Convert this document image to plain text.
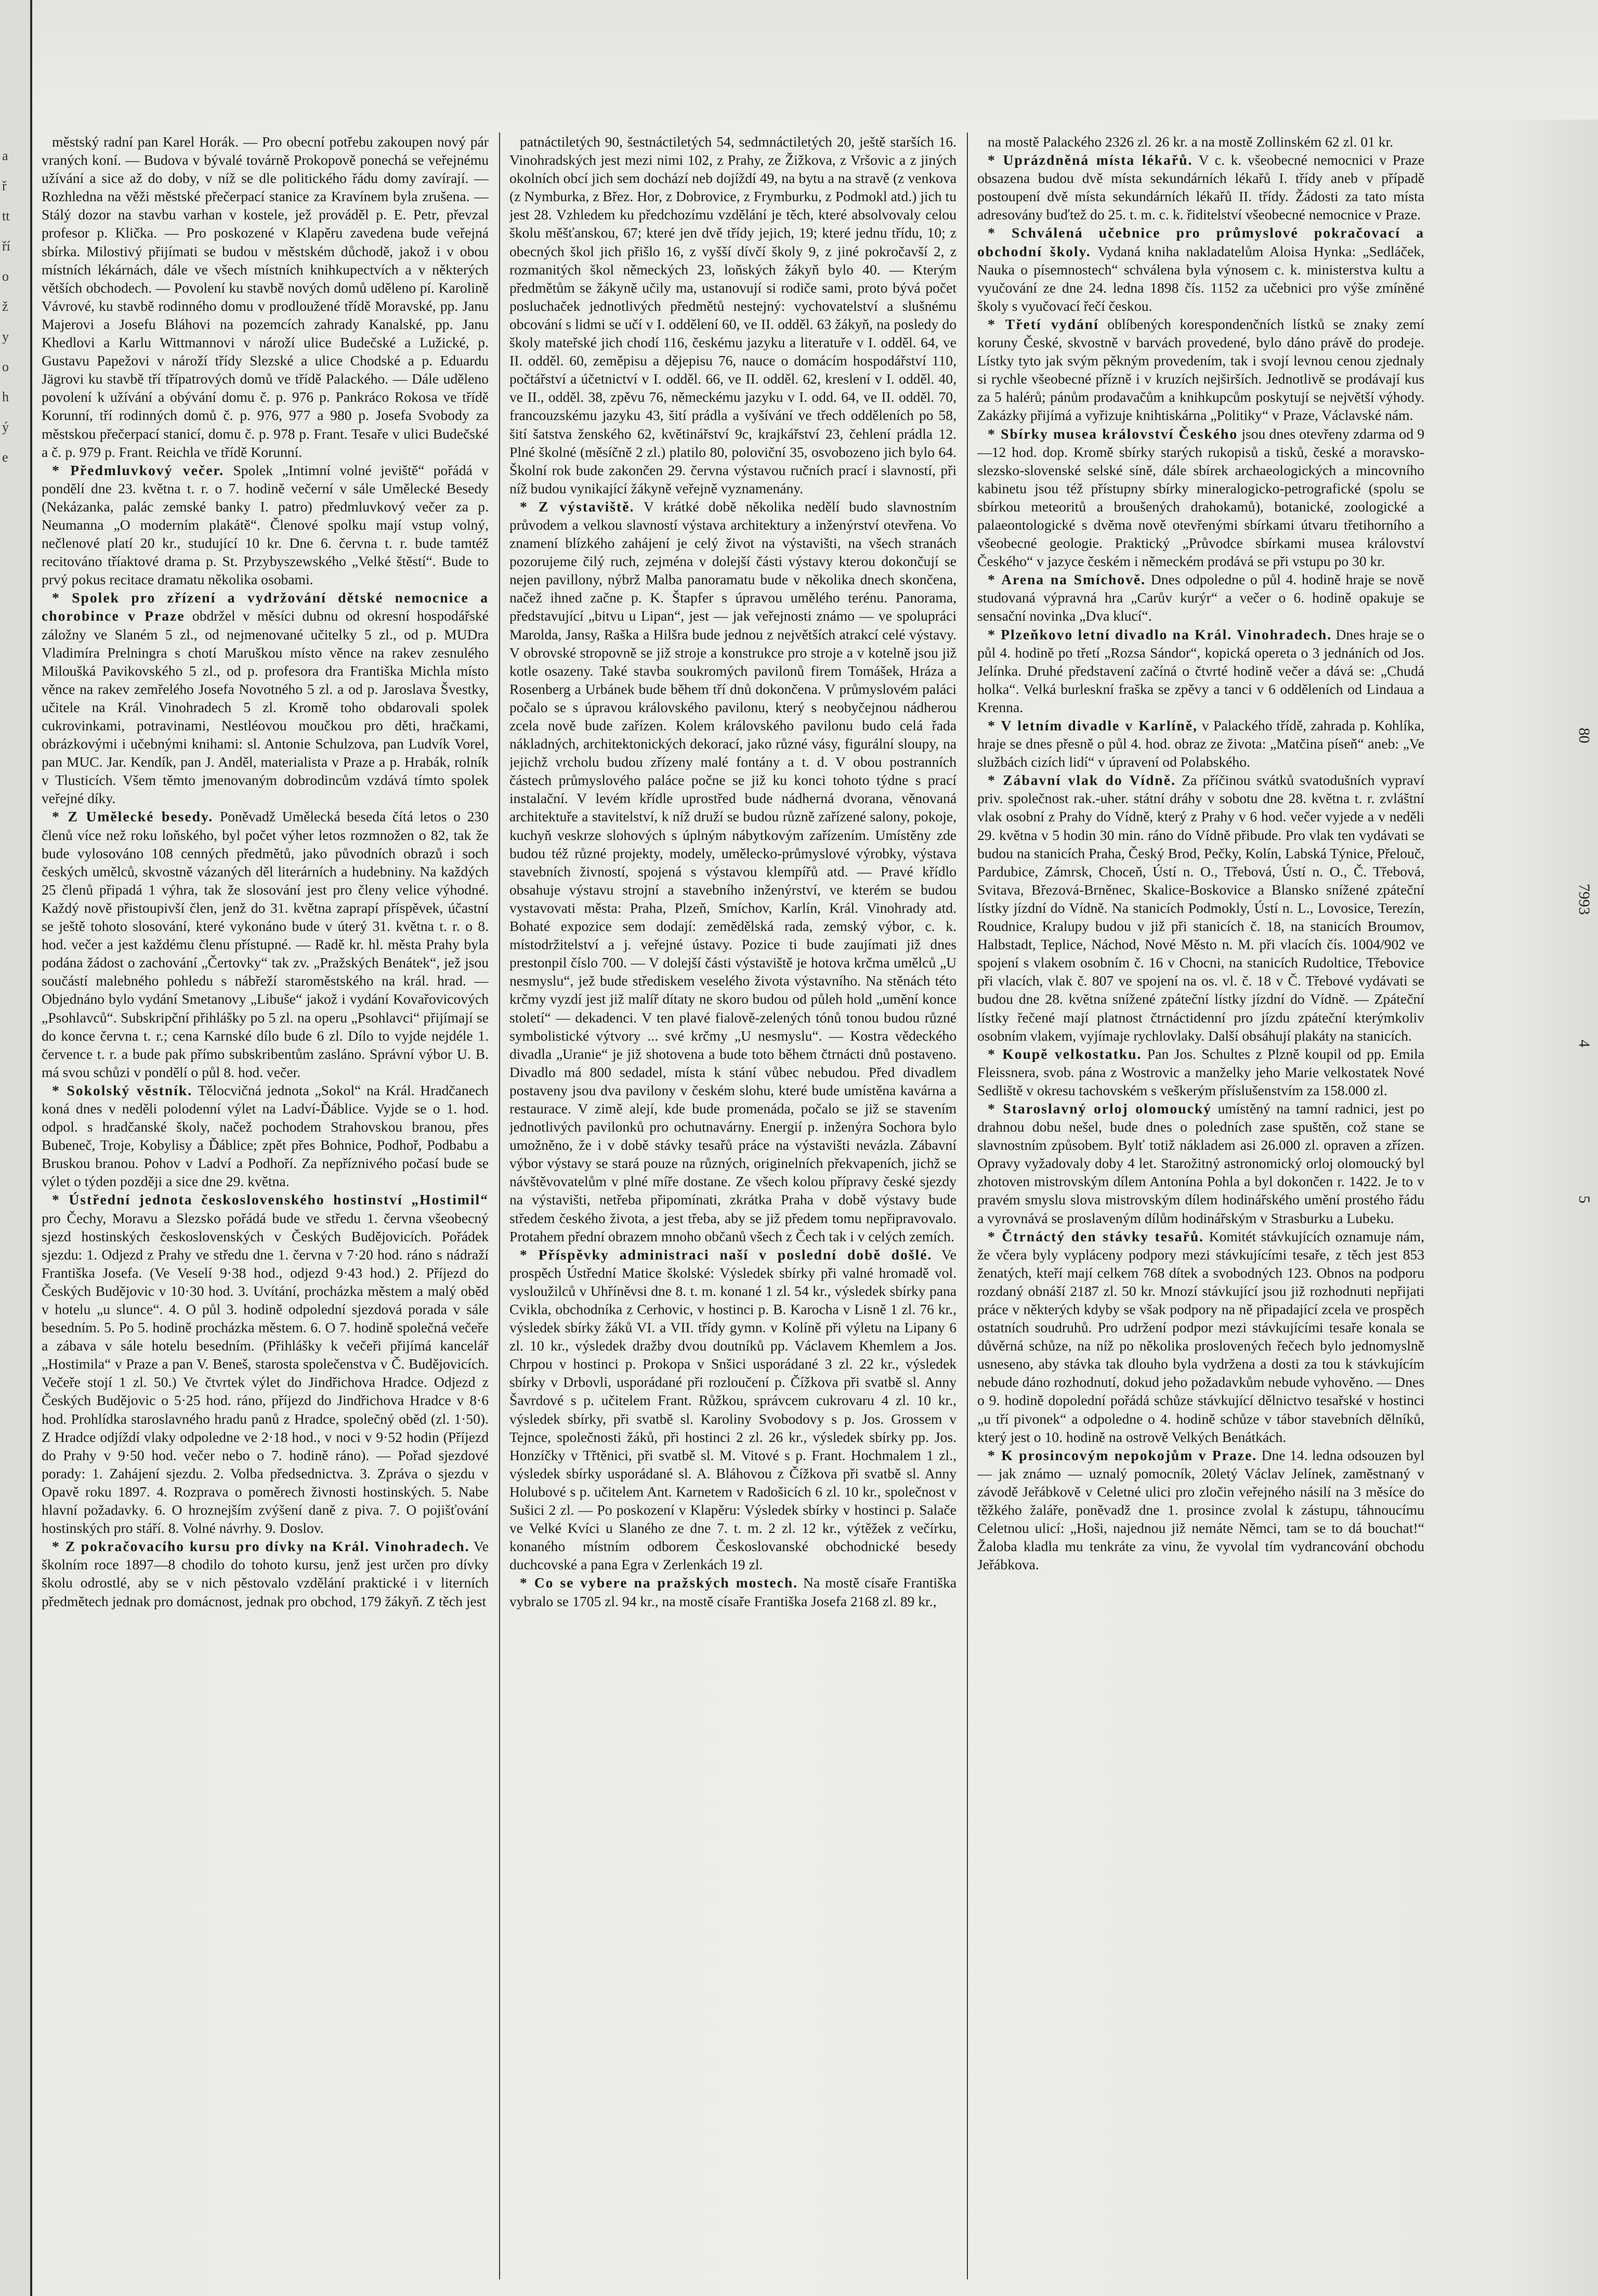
a
ř
tt
ří
o
ž
y
o
h
ý
e

městský radní pan Karel Horák. — Pro obecní potřebu zakoupen nový pár vraných koní. — Budova v bývalé továrně Prokopově ponechá se veřejnému užívání a sice až do doby, v níž se dle politického řádu domy zavírají. — Rozhledna na věži městské přečerpací stanice za Kravínem byla zrušena. — Stálý dozor na stavbu varhan v kostele, jež prováděl p. E. Petr, převzal profesor p. Klička. — Pro poskozené v Klapěru zavedena bude veřejná sbírka. Milostivý přijímati se budou v městském důchodě, jakož i v obou místních lékárnách, dále ve všech místních knihkupectvích a v některých větších obchodech. — Povolení ku stavbě nových domů uděleno pí. Karolině Vávrové, ku stavbě rodinného domu v prodloužené třídě Moravské, pp. Janu Majerovi a Josefu Bláhovi na pozemcích zahrady Kanalské, pp. Janu Khedlovi a Karlu Wittmannovi v nároží ulice Budečské a Lužické, p. Gustavu Papežovi v nároží třídy Slezské a ulice Chodské a p. Eduardu Jägrovi ku stavbě tří třípatrových domů ve třídě Palackého. — Dále uděleno povolení k užívání a obývání domu č. p. 976 p. Pankráco Rokosa ve třídě Korunní, tří rodinných domů č. p. 976, 977 a 980 p. Josefa Svobody za městskou přečerpací stanicí, domu č. p. 978 p. Frant. Tesaře v ulici Budečské a č. p. 979 p. Frant. Reichla ve třídě Korunní.

* Předmluvkový večer. Spolek „Intimní volné jeviště“ pořádá v pondělí dne 23. května t. r. o 7. hodině večerní v sále Umělecké Besedy (Nekázanka, palác zemské banky I. patro) předmluvkový večer za p. Neumanna „O moderním plakátě“. Členové spolku mají vstup volný, nečlenové platí 20 kr., studující 10 kr. Dne 6. června t. r. bude tamtéž recitováno tříaktové drama p. St. Przybyszewského „Velké štěstí“. Bude to prvý pokus recitace dramatu několika osobami.

* Spolek pro zřízení a vydržování dětské nemocnice a chorobince v Praze obdržel v měsíci dubnu od okresní hospodářské záložny ve Slaném 5 zl., od nejmenované učitelky 5 zl., od p. MUDra Vladimíra Prelningra s chotí Maruškou místo věnce na rakev zesnulého Miloušká Pavikovského 5 zl., od p. profesora dra Františka Michla místo věnce na rakev zemřelého Josefa Novotného 5 zl. a od p. Jaroslava Švestky, učitele na Král. Vinohradech 5 zl. Kromě toho obdarovali spolek cukrovinkami, potravinami, Nestléovou moučkou pro děti, hračkami, obrázkovými i učebnými knihami: sl. Antonie Schulzova, pan Ludvík Vorel, pan MUC. Jar. Kendík, pan J. Anděl, materialista v Praze a p. Hrabák, rolník v Tlusticích. Všem těmto jmenovaným dobrodincům vzdává tímto spolek veřejné díky.

* Z Umělecké besedy. Poněvadž Umělecká beseda čítá letos o 230 členů více než roku loňského, byl počet výher letos rozmnožen o 82, tak že bude vylosováno 108 cenných předmětů, jako původních obrazů i soch českých umělců, skvostně vázaných děl literárních a hudebniny. Na každých 25 členů připadá 1 výhra, tak že slosování jest pro členy velice výhodné. Každý nově přistoupivší člen, jenž do 31. května zaprapí příspěvek, účastní se ještě tohoto slosování, které vykonáno bude v úterý 31. května t. r. o 8. hod. večer a jest každému členu přístupné. — Radě kr. hl. města Prahy byla podána žádost o zachování „Čertovky“ tak zv. „Pražských Benátek“, jež jsou součástí malebného pohledu s nábřeží staroměstského na král. hrad. — Objednáno bylo vydání Smetanovy „Libuše“ jakož i vydání Kovařovicových „Psohlavců“. Subskripční přihlášky po 5 zl. na operu „Psohlavci“ přijímají se do konce června t. r.; cena Karnské dílo bude 6 zl. Dílo to vyjde nejdéle 1. července t. r. a bude pak přímo subskribentům zasláno. Správní výbor U. B. má svou schůzi v pondělí o půl 8. hod. večer.

* Sokolský věstník. Tělocvičná jednota „Sokol“ na Král. Hradčanech koná dnes v neděli polodenní výlet na Ladví-Ďáblice. Vyjde se o 1. hod. odpol. s hradčanské školy, načež pochodem Strahovskou branou, přes Bubeneč, Troje, Kobylisy a Ďáblice; zpět přes Bohnice, Podhoř, Podbabu a Bruskou branou. Pohov v Ladví a Podhoří. Za nepříznivého počasí bude se výlet o týden později a sice dne 29. května.

* Ústřední jednota československého hostinství „Hostimil“ pro Čechy, Moravu a Slezsko pořádá bude ve středu 1. června všeobecný sjezd hostinských československých v Českých Budějovicích. Pořádek sjezdu: 1. Odjezd z Prahy ve středu dne 1. června v 7·20 hod. ráno s nádraží Františka Josefa. (Ve Veselí 9·38 hod., odjezd 9·43 hod.) 2. Příjezd do Českých Budějovic v 10·30 hod. 3. Uvítání, procházka městem a malý oběd v hotelu „u slunce“. 4. O půl 3. hodině odpolední sjezdová porada v sále besedním. 5. Po 5. hodině procházka městem. 6. O 7. hodině společná večeře a zábava v sále hotelu besedním. (Přihlášky k večeři přijímá kancelář „Hostimila“ v Praze a pan V. Beneš, starosta společenstva v Č. Budějovicích. Večeře stojí 1 zl. 50.) Ve čtvrtek výlet do Jindřichova Hradce. Odjezd z Českých Budějovic o 5·25 hod. ráno, příjezd do Jindřichova Hradce v 8·6 hod. Prohlídka staroslavného hradu panů z Hradce, společný oběd (zl. 1·50). Z Hradce odjíždí vlaky odpoledne ve 2·18 hod., v noci v 9·52 hodin (Příjezd do Prahy v 9·50 hod. večer nebo o 7. hodině ráno). — Pořad sjezdové porady: 1. Zahájení sjezdu. 2. Volba předsednictva. 3. Zpráva o sjezdu v Opavě roku 1897. 4. Rozprava o poměrech živnosti hostinských. 5. Nabe hlavní požadavky. 6. O hroznejším zvýšení daně z piva. 7. O pojišťování hostinských pro stáří. 8. Volné návrhy. 9. Doslov.

* Z pokračovacího kursu pro dívky na Král. Vinohradech. Ve školním roce 1897—8 chodilo do tohoto kursu, jenž jest určen pro dívky školu odrostlé, aby se v nich pěstovalo vzdělání praktické i v literních předmětech jednak pro domácnost, jednak pro obchod, 179 žákyň. Z těch jest

patnáctiletých 90, šestnáctiletých 54, sedmnáctiletých 20, ještě starších 16. Vinohradských jest mezi nimi 102, z Prahy, ze Žižkova, z Vršovic a z jiných okolních obcí jich sem dochází neb dojíždí 49, na bytu a na stravě (z venkova (z Nymburka, z Břez. Hor, z Dobrovice, z Frymburku, z Podmokl atd.) jich tu jest 28. Vzhledem ku předchozímu vzdělání je těch, které absolvovaly celou školu měšťanskou, 67; které jen dvě třídy jejich, 19; které jednu třídu, 10; z obecných škol jich přišlo 16, z vyšší dívčí školy 9, z jiné pokročavší 2, z rozmanitých škol německých 23, loňských žákyň bylo 40. — Kterým předmětům se žákyně učily ma, ustanovují si rodiče sami, proto bývá počet posluchaček jednotlivých předmětů nestejný: vychovatelství a slušnému obcování s lidmi se učí v I. oddělení 60, ve II. odděl. 63 žákyň, na posledy do školy mateřské jich chodí 116, českému jazyku a literatuře v I. odděl. 64, ve II. odděl. 60, zeměpisu a dějepisu 76, nauce o domácím hospodářství 110, počtářství a účetnictví v I. odděl. 66, ve II. odděl. 62, kreslení v I. odděl. 40, ve II., odděl. 38, zpěvu 76, německému jazyku v I. odd. 64, ve II. odděl. 70, francouzskému jazyku 43, šití prádla a vyšívání ve třech odděleních po 58, šití šatstva ženského 62, květinářství 9c, krajkářství 23, čehlení prádla 12. Plné školné (měsíčně 2 zl.) platilo 80, poloviční 35, osvobozeno jich bylo 64. Školní rok bude zakončen 29. června výstavou ručních prací i slavností, při níž budou vynikající žákyně veřejně vyznamenány.

* Z výstaviště. V krátké době několika nedělí budo slavnostním průvodem a velkou slavností výstava architektury a inženýrství otevřena. Vo znamení blízkého zahájení je celý život na výstavišti, na všech stranách pozorujeme čilý ruch, zejména v dolejší části výstavy kterou dokončují se nejen pavillony, nýbrž Malba panoramatu bude v několika dnech skončena, načež ihned začne p. K. Štapfer s úpravou umělého terénu. Panorama, představující „bitvu u Lipan“, jest — jak veřejnosti známo — ve spolupráci Marolda, Jansy, Raška a Hilšra bude jednou z největších atrakcí celé výstavy. V obrovské stropovně se již stroje a konstrukce pro stroje a v kotelně jsou již kotle osazeny. Také stavba soukromých pavilonů firem Tomášek, Hráza a Rosenberg a Urbánek bude během tří dnů dokončena. V průmyslovém paláci počalo se s úpravou královského pavilonu, který s neobyčejnou nádherou zcela nově bude zařízen. Kolem královského pavilonu budo celá řada nákladných, architektonických dekorací, jako různé vásy, figurální sloupy, na jejichž vrcholu budou zřízeny malé fontány a t. d. V obou postranních částech průmyslového paláce počne se již ku konci tohoto týdne s prací instalační. V levém křídle uprostřed bude nádherná dvorana, věnovaná architektuře a stavitelství, k níž druží se budou různě zařízené salony, pokoje, kuchyň veskrze slohových s úplným nábytkovým zařízením. Umístěny zde budou též různé projekty, modely, umělecko-průmyslové výrobky, výstava stavebních živností, spojená s výstavou klempířů atd. — Pravé křídlo obsahuje výstavu strojní a stavebního inženýrství, ve kterém se budou vystavovati města: Praha, Plzeň, Smíchov, Karlín, Král. Vinohrady atd. Bohaté expozice sem dodají: zemědělská rada, zemský výbor, c. k. místodržitelství a j. veřejné ústavy. Pozice ti bude zaujímati již dnes prestonpil číslo 700. — V dolejší části výstaviště je hotova krčma umělců „U nesmyslu“, jež bude střediskem veselého života výstavního. Na stěnách této krčmy vyzdí jest již malíř dítaty ne skoro budou od půleh hold „umění konce století“ — dekadenci. V ten plavé fialově-zelených tónů tonou budou různé symbolistické výtvory ... své krčmy „U nesmyslu“. — Kostra vědeckého divadla „Uranie“ je již shotovena a bude toto během čtrnácti dnů postaveno. Divadlo má 800 sedadel, místa k stání vůbec nebudou. Před divadlem postaveny jsou dva pavilony v českém slohu, které bude umístěna kavárna a restaurace. V zimě alejí, kde bude promenáda, počalo se již se stavením jednotlivých pavilonků pro ochutnavárny. Energií p. inženýra Sochora bylo umožněno, že i v době stávky tesařů práce na výstavišti nevázla. Zábavní výbor výstavy se stará pouze na různých, originelních překvapeních, jichž se návštěvovatelům v plné míře dostane. Ze všech kolou přípravy české sjezdy na výstavišti, netřeba připomínati, zkrátka Praha v době výstavy bude středem českého života, a jest třeba, aby se již předem tomu nepřipravovalo. Protahem přední obrazem mnoho občanů všech z Čech tak i v celých zemích.

* Příspěvky administraci naší v poslední době došlé. Ve prospěch Ústřední Matice školské: Výsledek sbírky při valné hromadě vol. vysloužilců v Uhříněvsi dne 8. t. m. konané 1 zl. 54 kr., výsledek sbírky pana Cvikla, obchodníka z Cerhovic, v hostinci p. B. Karocha v Lisně 1 zl. 76 kr., výsledek sbírky žáků VI. a VII. třídy gymn. v Kolíně při výletu na Lipany 6 zl. 10 kr., výsledek dražby dvou doutníků pp. Václavem Khemlem a Jos. Chrpou v hostinci p. Prokopa v Snšici usporádané 3 zl. 22 kr., výsledek sbírky v Drbovli, usporádané při rozloučení p. Čížkova při svatbě sl. Anny Šavrdové s p. učitelem Frant. Růžkou, správcem cukrovaru 4 zl. 10 kr., výsledek sbírky, při svatbě sl. Karoliny Svobodovy s p. Jos. Grossem v Tejnce, společnosti žáků, při hostinci 2 zl. 26 kr., výsledek sbírky pp. Jos. Honzíčky v Třtěnici, při svatbě sl. M. Vitové s p. Frant. Hochmalem 1 zl., výsledek sbírky usporádané sl. A. Bláhovou z Čížkova při svatbě sl. Anny Holubové s p. učitelem Ant. Karnetem v Radošicích 6 zl. 10 kr., společnost v Sušici 2 zl. — Po poskození v Klapěru: Výsledek sbírky v hostinci p. Salače ve Velké Kvíci u Slaného ze dne 7. t. m. 2 zl. 12 kr., výtěžek z večírku, konaného místním odborem Českoslovanské obchodnické besedy duchcovské a pana Egra v Zerlenkách 19 zl.

* Co se vybere na pražských mostech. Na mostě císaře Františka vybralo se 1705 zl. 94 kr., na mostě císaře Františka Josefa 2168 zl. 89 kr.,

na mostě Palackého 2326 zl. 26 kr. a na mostě Zollinském 62 zl. 01 kr.

* Uprázdněná místa lékařů. V c. k. všeobecné nemocnici v Praze obsazena budou dvě místa sekundárních lékařů I. třídy aneb v případě postoupení dvě místa sekundárních lékařů II. třídy. Žádosti za tato místa adresovány buďtež do 25. t. m. c. k. řiditelství všeobecné nemocnice v Praze.

* Schválená učebnice pro průmyslové pokračovací a obchodní školy. Vydaná kniha nakladatelům Aloisa Hynka: „Sedláček, Nauka o písemnostech“ schválena byla výnosem c. k. ministerstva kultu a vyučování ze dne 24. ledna 1898 čís. 1152 za učebnici pro výše zmíněné školy s vyučovací řečí českou.

* Třetí vydání oblíbených korespondenčních lístků se znaky zemí koruny České, skvostně v barvách provedené, bylo dáno právě do prodeje. Lístky tyto jak svým pěkným provedením, tak i svojí levnou cenou zjednaly si rychle všeobecné přízně i v kruzích nejširších. Jednotlivě se prodávají kus za 5 halérů; pánům prodavačům a knihkupcům poskytují se největší výhody. Zakázky přijímá a vyřizuje knihtiskárna „Politiky“ v Praze, Václavské nám.

* Sbírky musea království Českého jsou dnes otevřeny zdarma od 9—12 hod. dop. Kromě sbírky starých rukopisů a tisků, české a moravsko-slezsko-slovenské selské síně, dále sbírek archaeologických a mincovního kabinetu jsou též přístupny sbírky mineralogicko-petrografické (spolu se sbírkou meteoritů a broušených drahokamů), botanické, zoologické a palaeontologické s dvěma nově otevřenými sbírkami útvaru třetihorního a všeobecné geologie. Praktický „Průvodce sbírkami musea království Českého“ v jazyce českém i německém prodává se při vstupu po 30 kr.

* Arena na Smíchově. Dnes odpoledne o půl 4. hodině hraje se nově studovaná výpravná hra „Carův kurýr“ a večer o 6. hodině opakuje se sensační novinka „Dva klucí“.

* Plzeňkovo letní divadlo na Král. Vinohradech. Dnes hraje se o půl 4. hodině po třetí „Rozsa Sándor“, kopická opereta o 3 jednáních od Jos. Jelínka. Druhé představení začíná o čtvrté hodině večer a dává se: „Chudá holka“. Velká burleskní fraška se zpěvy a tanci v 6 odděleních od Lindaua a Krenna.

* V letním divadle v Karlíně, v Palackého třídě, zahrada p. Kohlíka, hraje se dnes přesně o půl 4. hod. obraz ze života: „Matčina píseň“ aneb: „Ve službách cizích lidí“ v úpravení od Polabského.

* Zábavní vlak do Vídně. Za příčinou svátků svatodušních vypraví priv. společnost rak.-uher. státní dráhy v sobotu dne 28. května t. r. zvláštní vlak osobní z Prahy do Vídně, který z Prahy v 6 hod. večer vyjede a v neděli 29. května v 5 hodin 30 min. ráno do Vídně přibude. Pro vlak ten vydávati se budou na stanicích Praha, Český Brod, Pečky, Kolín, Labská Týnice, Přelouč, Pardubice, Zámrsk, Choceň, Ústí n. O., Třebová, Ústí n. O., Č. Třebová, Svitava, Březová-Brněnec, Skalice-Boskovice a Blansko snížené zpáteční lístky jízdní do Vídně. Na stanicích Podmokly, Ústí n. L., Lovosice, Terezín, Roudnice, Kralupy budou v již při stanicích č. 18, na stanicích Broumov, Halbstadt, Teplice, Náchod, Nové Město n. M. při vlacích čís. 1004/902 ve spojení s vlakem osobním č. 16 v Chocni, na stanicích Rudoltice, Třebovice při vlacích, vlak č. 807 ve spojení na os. vl. č. 18 v Č. Třebové vydávati se budou dne 28. května snížené zpáteční lístky jízdní do Vídně. — Zpáteční lístky řečené mají platnost čtrnáctidenní pro jízdu zpáteční kterýmkoliv osobním vlakem, vyjímaje rychlovlaky. Další obsáhují plakáty na stanicích.

* Koupě velkostatku. Pan Jos. Schultes z Plzně koupil od pp. Emila Fleissnera, svob. pána z Wostrovic a manželky jeho Marie velkostatek Nové Sedliště v okresu tachovském s veškerým příslušenstvím za 158.000 zl.

* Staroslavný orloj olomoucký umístěný na tamní radnici, jest po drahnou dobu nešel, bude dnes o poledních zase spuštěn, což stane se slavnostním způsobem. Bylť totiž nákladem asi 26.000 zl. opraven a zřízen. Opravy vyžadovaly doby 4 let. Starožitný astronomický orloj olomoucký byl zhotoven mistrovským dílem Antonína Pohla a byl dokončen r. 1422. Je to v pravém smyslu slova mistrovským dílem hodinářského umění prostého řádu a vyrovnává se proslaveným dílům hodinářským v Strasburku a Lubeku.

* Čtrnáctý den stávky tesařů. Komitét stávkujících oznamuje nám, že včera byly vypláceny podpory mezi stávkujícími tesaře, z těch jest 853 ženatých, kteří mají celkem 768 dítek a svobodných 123. Obnos na podporu rozdaný obnáší 2187 zl. 50 kr. Mnozí stávkující jsou již rozhodnuti nepřijati práce v některých kdyby se však podpory na ně připadající zcela ve prospěch ostatních soudruhů. Pro udržení podpor mezi stávkujícími tesaře konala se důvěrná schůze, na níž po několika proslovených řečech bylo jednomyslně usneseno, aby stávka tak dlouho byla vydržena a dosti za tou k stávkujícím nebude dáno rozhodnutí, dokud jeho požadavkům nebude vyhověno. — Dnes o 9. hodině dopolední pořádá schůze stávkující dělnictvo tesařské v hostinci „u tří pivonek“ a odpoledne o 4. hodině schůze v tábor stavebních dělníků, který jest o 10. hodině na ostrově Velkých Benátkách.

* K prosincovým nepokojům v Praze. Dne 14. ledna odsouzen byl — jak známo — uznalý pomocník, 20letý Václav Jelínek, zaměstnaný v závodě Jeřábkově v Celetné ulici pro zločin veřejného násilí na 3 měsíce do těžkého žaláře, poněvadž dne 1. prosince zvolal k zástupu, táhnoucímu Celetnou ulicí: „Hoši, najednou již nemáte Němci, tam se to dá bouchat!“ Žaloba kladla mu tenkráte za vinu, že vyvolal tím vydrancování obchodu Jeřábkova.

80
7993
4
5
